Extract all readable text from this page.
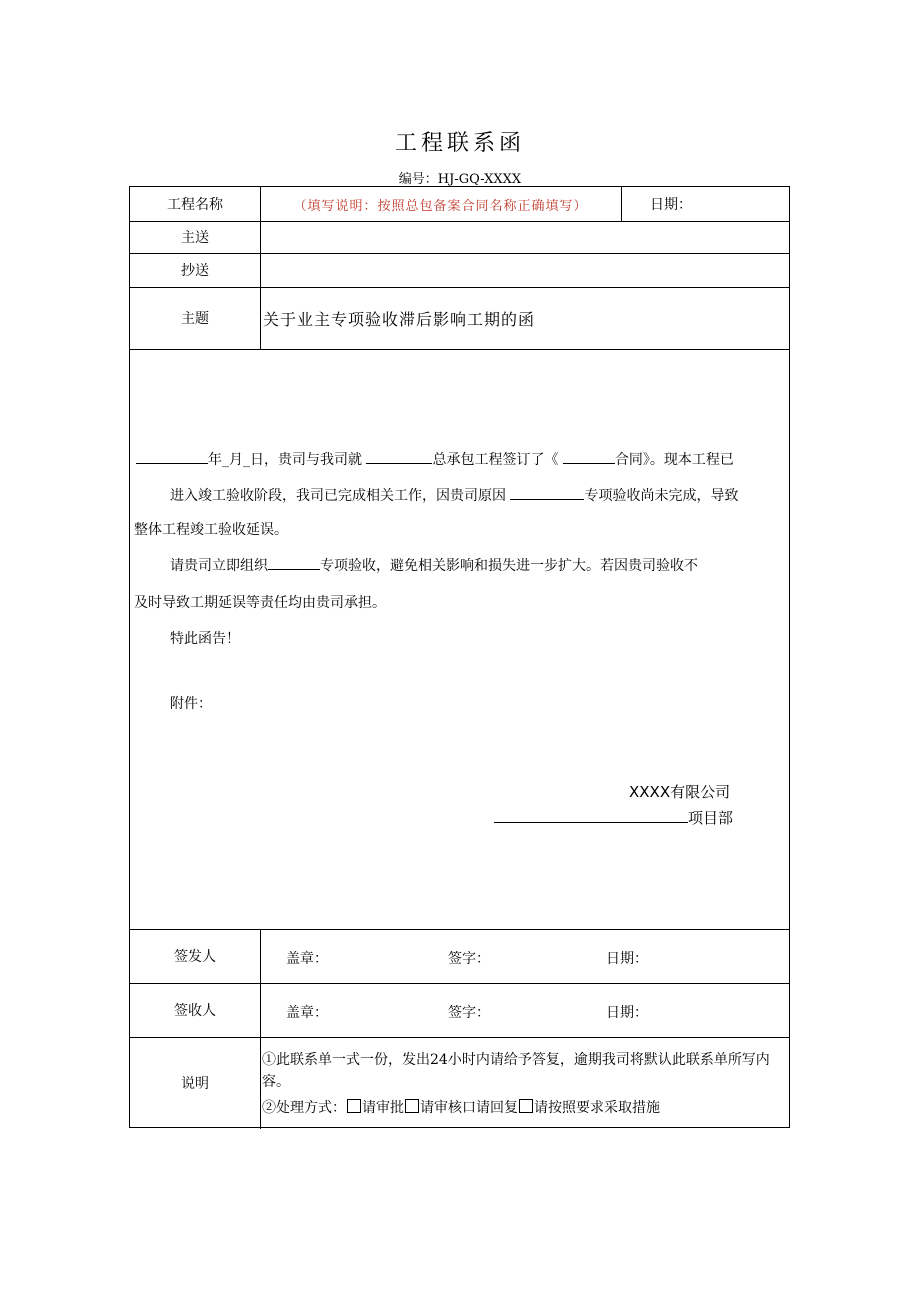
工程联系函
编号：HJ-GQ-XXXX
工程名称	（填写说明：按照总包备案合同名称正确填写）	日期：
主送
抄送
主题	关于业主专项验收滞后影响工期的函
年_月_日，贵司与我司就	总承包工程签订了《	合同》。现本工程已
进入竣工验收阶段，我司已完成相关工作，因贵司原因	专项验收尚未完成，导致
整体工程竣工验收延误。
请贵司立即组织	专项验收，避免相关影响和损失进一步扩大。若因贵司验收不
及时导致工期延误等责任均由贵司承担。
特此函告！
附件：
XXXX有限公司
项目部
签发人	盖章：	签字：	日期：
签收人	盖章：	签字：	日期：
说明
①此联系单一式一份，发出24小时内请给予答复，逾期我司将默认此联系单所写内容。
②处理方式： 请审批 请审核口请回复 请按照要求采取措施
